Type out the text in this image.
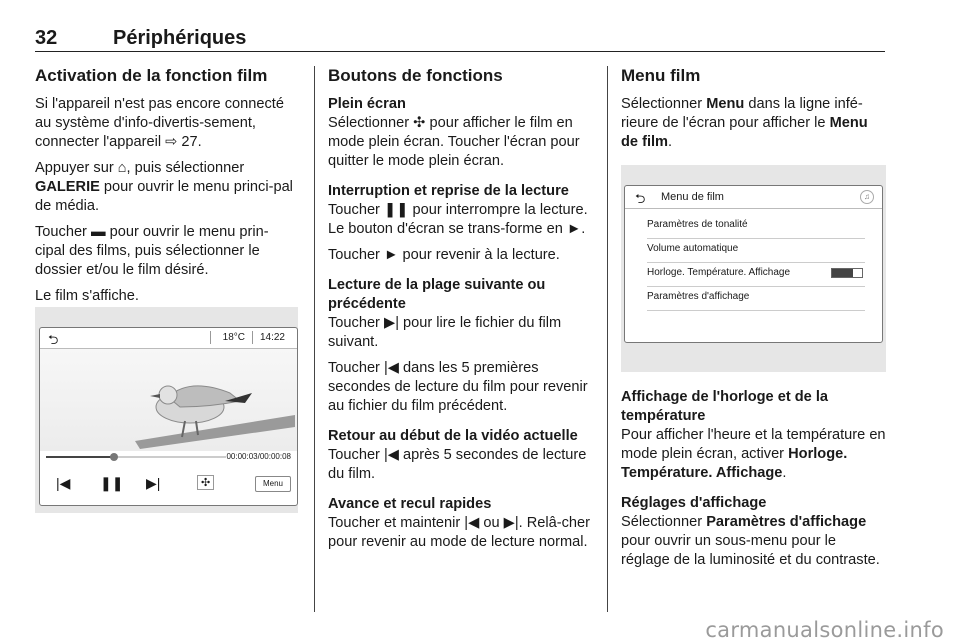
32	Périphériques
Activation de la fonction film

Si l'appareil n'est pas encore connecté au système d'info-divertis-sement, connecter l'appareil ⇨ 27.

Appuyer sur ⌂, puis sélectionner GALERIE pour ouvrir le menu princi-pal de média.

Toucher ▬ pour ouvrir le menu prin-cipal des films, puis sélectionner le dossier et/ou le film désiré.

Le film s'affiche.

⮌	18°C 14:22
00:00:03/00:00:08
|◀ ❚❚ ▶|	✣	Menu
Boutons de fonctions
Plein écran

Sélectionner ✣ pour afficher le film en mode plein écran. Toucher l'écran pour quitter le mode plein écran.

Interruption et reprise de la lecture

Toucher ❚❚ pour interrompre la lecture. Le bouton d'écran se trans-forme en ►.

Toucher ► pour revenir à la lecture.

Lecture de la plage suivante ou précédente

Toucher ▶| pour lire le fichier du film suivant.

Toucher |◀ dans les 5 premières secondes de lecture du film pour revenir au fichier du film précédent.

Retour au début de la vidéo actuelle

Toucher |◀ après 5 secondes de lecture du film.

Avance et recul rapides

Toucher et maintenir |◀ ou ▶|. Relâ-cher pour revenir au mode de lecture normal.

Menu film

Sélectionner Menu dans la ligne infé-rieure de l'écran pour afficher le Menu de film.

⮌ Menu de film	♫
Paramètres de tonalité
Volume automatique
Horloge. Température. Affichage
Paramètres d'affichage
Affichage de l'horloge et de la température

Pour afficher l'heure et la température en mode plein écran, activer Horloge. Température. Affichage.

Réglages d'affichage

Sélectionner Paramètres d'affichage pour ouvrir un sous-menu pour le réglage de la luminosité et du contraste.

carmanualsonline.info
